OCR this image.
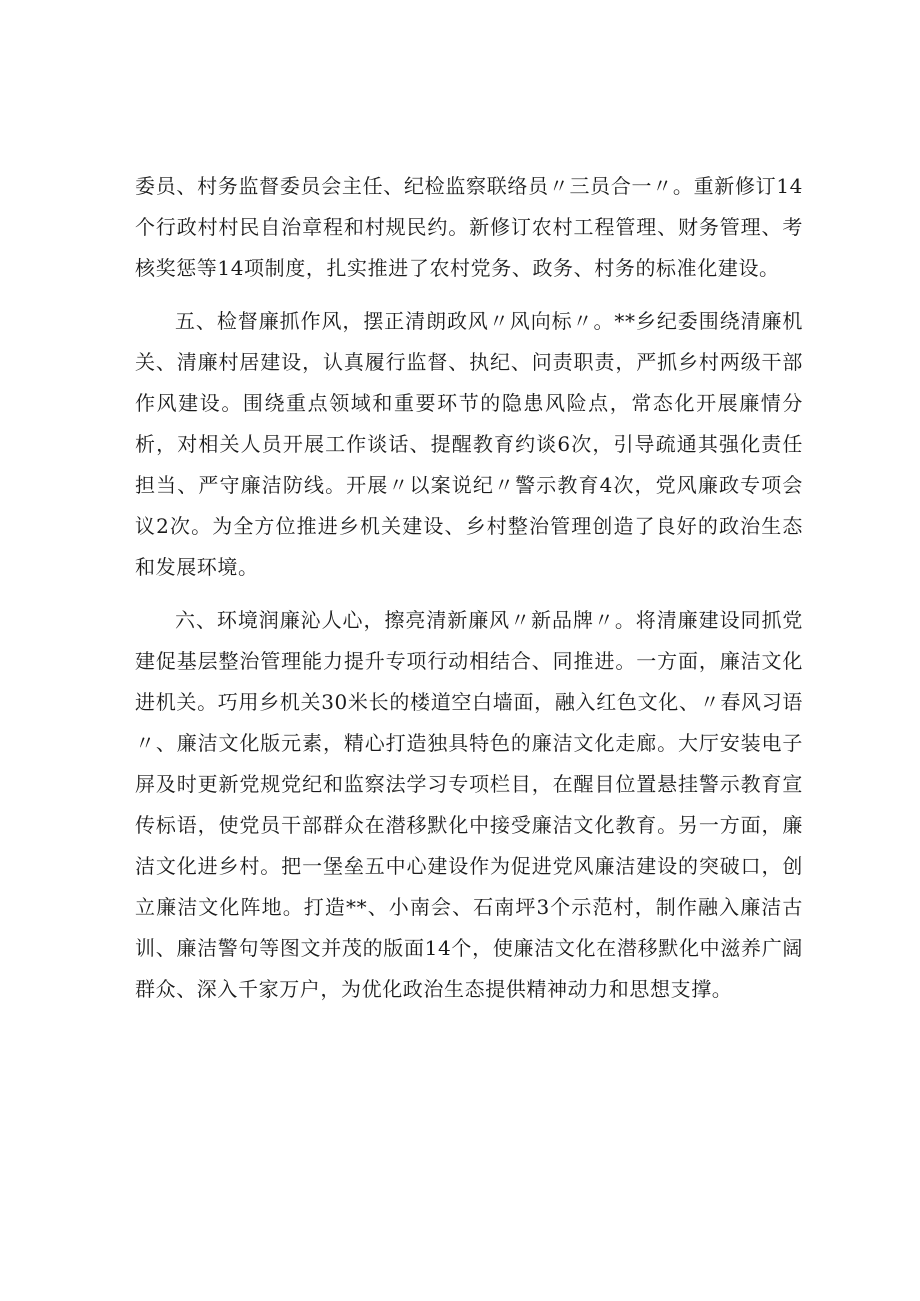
委员、村务监督委员会主任、纪检监察联络员〃三员合一〃。重新修订14个行政村村民自治章程和村规民约。新修订农村工程管理、财务管理、考核奖惩等14项制度，扎实推进了农村党务、政务、村务的标准化建设。

五、检督廉抓作风，摆正清朗政风〃风向标〃。**乡纪委围绕清廉机关、清廉村居建设，认真履行监督、执纪、问责职责，严抓乡村两级干部作风建设。围绕重点领域和重要环节的隐患风险点，常态化开展廉情分析，对相关人员开展工作谈话、提醒教育约谈6次，引导疏通其强化责任担当、严守廉洁防线。开展〃以案说纪〃警示教育4次，党风廉政专项会议2次。为全方位推进乡机关建设、乡村整治管理创造了良好的政治生态和发展环境。

六、环境润廉沁人心，擦亮清新廉风〃新品牌〃。将清廉建设同抓党建促基层整治管理能力提升专项行动相结合、同推进。一方面，廉洁文化进机关。巧用乡机关30米长的楼道空白墙面，融入红色文化、〃春风习语〃、廉洁文化版元素，精心打造独具特色的廉洁文化走廊。大厅安装电子屏及时更新党规党纪和监察法学习专项栏目，在醒目位置悬挂警示教育宣传标语，使党员干部群众在潜移默化中接受廉洁文化教育。另一方面，廉洁文化进乡村。把一堡垒五中心建设作为促进党风廉洁建设的突破口，创立廉洁文化阵地。打造**、小南会、石南坪3个示范村，制作融入廉洁古训、廉洁警句等图文并茂的版面14个，使廉洁文化在潜移默化中滋养广阔群众、深入千家万户，为优化政治生态提供精神动力和思想支撑。
